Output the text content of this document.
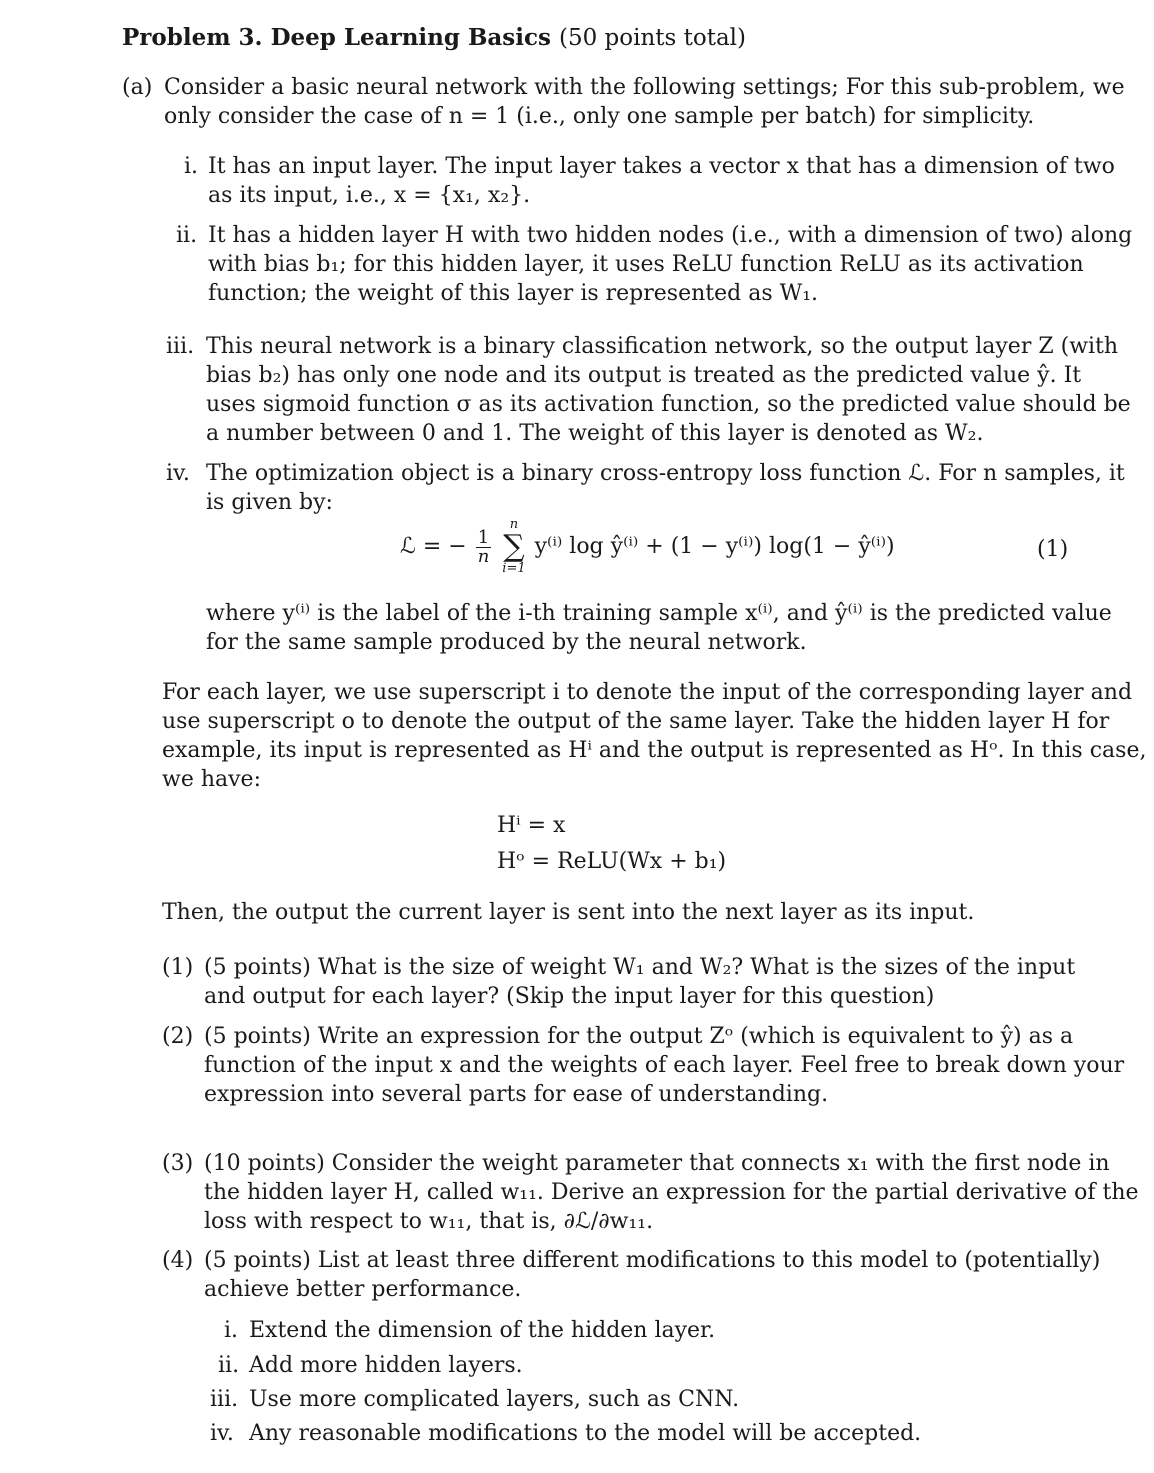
Problem 3. Deep Learning Basics (50 points total)
(a) Consider a basic neural network with the following settings; For this sub-problem, we
only consider the case of n = 1 (i.e., only one sample per batch) for simplicity.
i. It has an input layer. The input layer takes a vector x that has a dimension of two
as its input, i.e., x = {x₁, x₂}.
ii. It has a hidden layer H with two hidden nodes (i.e., with a dimension of two) along
with bias b₁; for this hidden layer, it uses ReLU function ReLU as its activation
function; the weight of this layer is represented as W₁.
iii. This neural network is a binary classification network, so the output layer Z (with
bias b₂) has only one node and its output is treated as the predicted value ŷ. It
uses sigmoid function σ as its activation function, so the predicted value should be
a number between 0 and 1. The weight of this layer is denoted as W₂.
iv. The optimization object is a binary cross-entropy loss function ℒ. For n samples, it
is given by:
ℒ = − $\frac{1}{n}$

n
∑
i=1
y⁽ⁱ⁾ log ŷ⁽ⁱ⁾ + (1 − y⁽ⁱ⁾) log(1 − ŷ⁽ⁱ⁾)	(1)
where y⁽ⁱ⁾ is the label of the i-th training sample x⁽ⁱ⁾, and ŷ⁽ⁱ⁾ is the predicted value
for the same sample produced by the neural network.
For each layer, we use superscript i to denote the input of the corresponding layer and
use superscript o to denote the output of the same layer. Take the hidden layer H for
example, its input is represented as Hⁱ and the output is represented as Hᵒ. In this case,
we have:
Hⁱ = x
Hᵒ = ReLU(Wx + b₁)
Then, the output the current layer is sent into the next layer as its input.
(1) (5 points) What is the size of weight W₁ and W₂? What is the sizes of the input
and output for each layer? (Skip the input layer for this question)
(2) (5 points) Write an expression for the output Zᵒ (which is equivalent to ŷ) as a
function of the input x and the weights of each layer. Feel free to break down your
expression into several parts for ease of understanding.
(3) (10 points) Consider the weight parameter that connects x₁ with the first node in
the hidden layer H, called w₁₁. Derive an expression for the partial derivative of the
loss with respect to w₁₁, that is, ∂ℒ/∂w₁₁.
(4) (5 points) List at least three different modifications to this model to (potentially)
achieve better performance.
i. Extend the dimension of the hidden layer.
ii. Add more hidden layers.
iii. Use more complicated layers, such as CNN.
iv. Any reasonable modifications to the model will be accepted.
